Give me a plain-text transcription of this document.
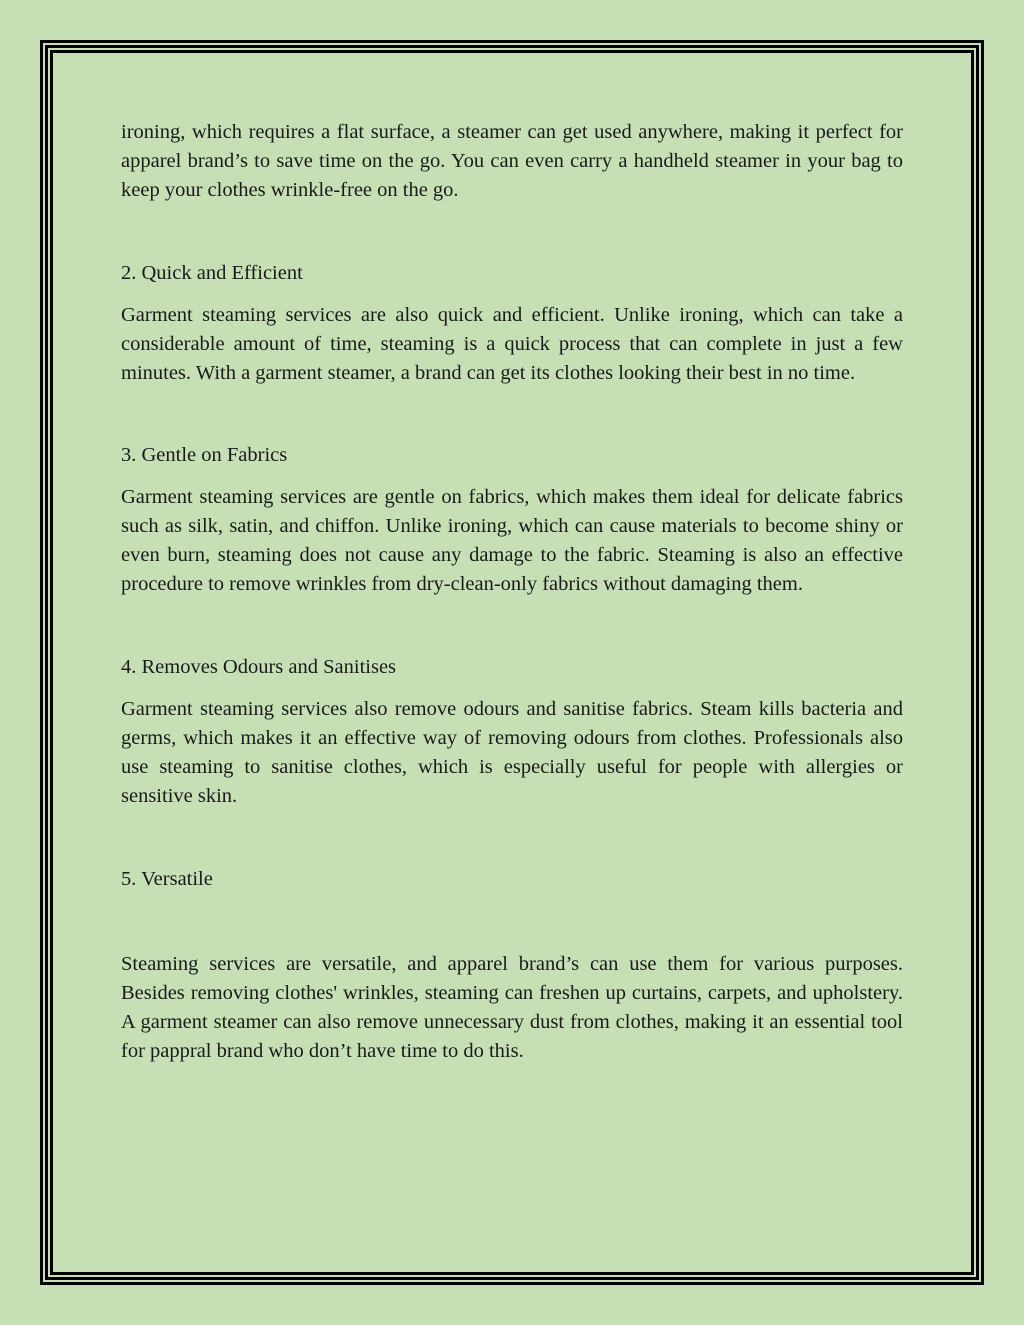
ironing, which requires a flat surface, a steamer can get used anywhere, making it perfect for apparel brand’s to save time on the go. You can even carry a handheld steamer in your bag to keep your clothes wrinkle-free on the go.

2. Quick and Efficient

Garment steaming services are also quick and efficient. Unlike ironing, which can take a considerable amount of time, steaming is a quick process that can complete in just a few minutes. With a garment steamer, a brand can get its clothes looking their best in no time.

3. Gentle on Fabrics

Garment steaming services are gentle on fabrics, which makes them ideal for delicate fabrics such as silk, satin, and chiffon. Unlike ironing, which can cause materials to become shiny or even burn, steaming does not cause any damage to the fabric. Steaming is also an effective procedure to remove wrinkles from dry-clean-only fabrics without damaging them.

4. Removes Odours and Sanitises

Garment steaming services also remove odours and sanitise fabrics. Steam kills bacteria and germs, which makes it an effective way of removing odours from clothes. Professionals also use steaming to sanitise clothes, which is especially useful for people with allergies or sensitive skin.

5. Versatile

Steaming services are versatile, and apparel brand’s can use them for various purposes. Besides removing clothes' wrinkles, steaming can freshen up curtains, carpets, and upholstery. A garment steamer can also remove unnecessary dust from clothes, making it an essential tool for pappral brand who don’t have time to do this.
